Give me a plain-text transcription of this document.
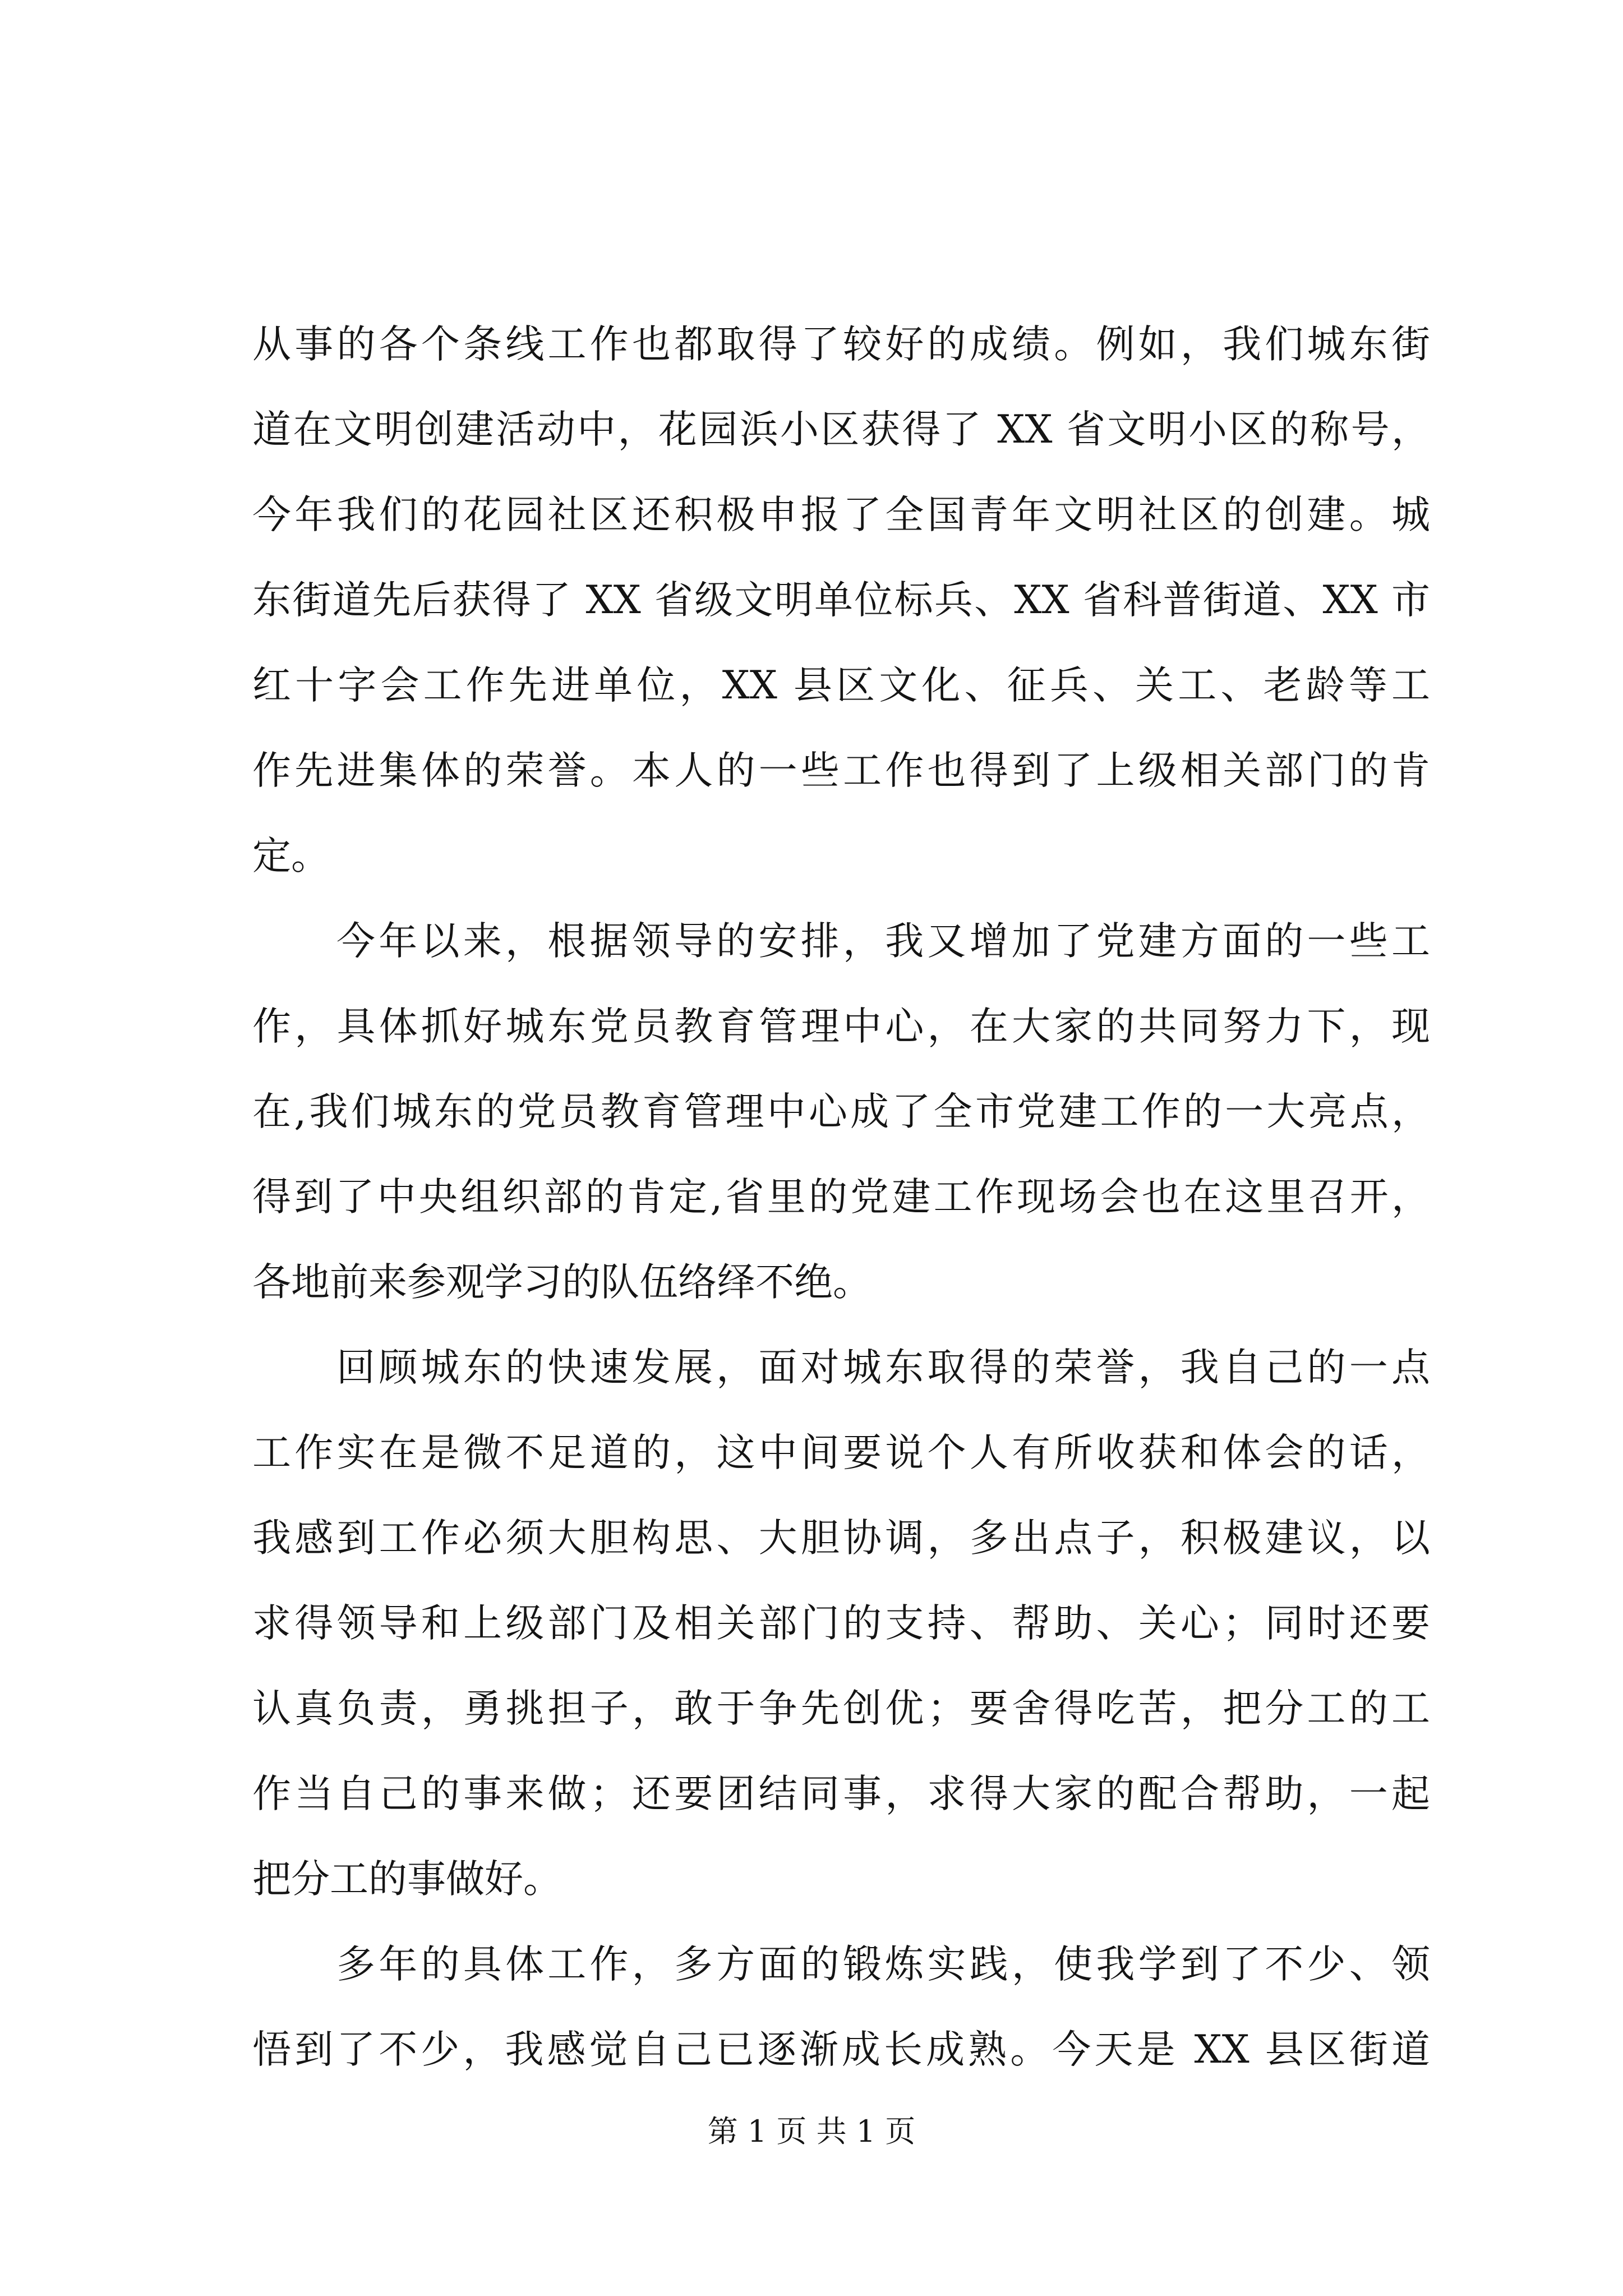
从事的各个条线工作也都取得了较好的成绩。例如，我们城东街
道在文明创建活动中，花园浜小区获得了 XX 省文明小区的称号，
今年我们的花园社区还积极申报了全国青年文明社区的创建。城
东街道先后获得了 XX 省级文明单位标兵、XX 省科普街道、XX 市
红十字会工作先进单位，XX 县区文化、征兵、关工、老龄等工
作先进集体的荣誉。本人的一些工作也得到了上级相关部门的肯
定。
今年以来，根据领导的安排，我又增加了党建方面的一些工
作，具体抓好城东党员教育管理中心，在大家的共同努力下，现
在,我们城东的党员教育管理中心成了全市党建工作的一大亮点，
得到了中央组织部的肯定,省里的党建工作现场会也在这里召开，
各地前来参观学习的队伍络绎不绝。
回顾城东的快速发展，面对城东取得的荣誉，我自己的一点
工作实在是微不足道的，这中间要说个人有所收获和体会的话，
我感到工作必须大胆构思、大胆协调，多出点子，积极建议，以
求得领导和上级部门及相关部门的支持、帮助、关心；同时还要
认真负责，勇挑担子，敢于争先创优；要舍得吃苦，把分工的工
作当自己的事来做；还要团结同事，求得大家的配合帮助，一起
把分工的事做好。
多年的具体工作，多方面的锻炼实践，使我学到了不少、领
悟到了不少，我感觉自己已逐渐成长成熟。今天是 XX 县区街道
第 1 页 共 1 页
